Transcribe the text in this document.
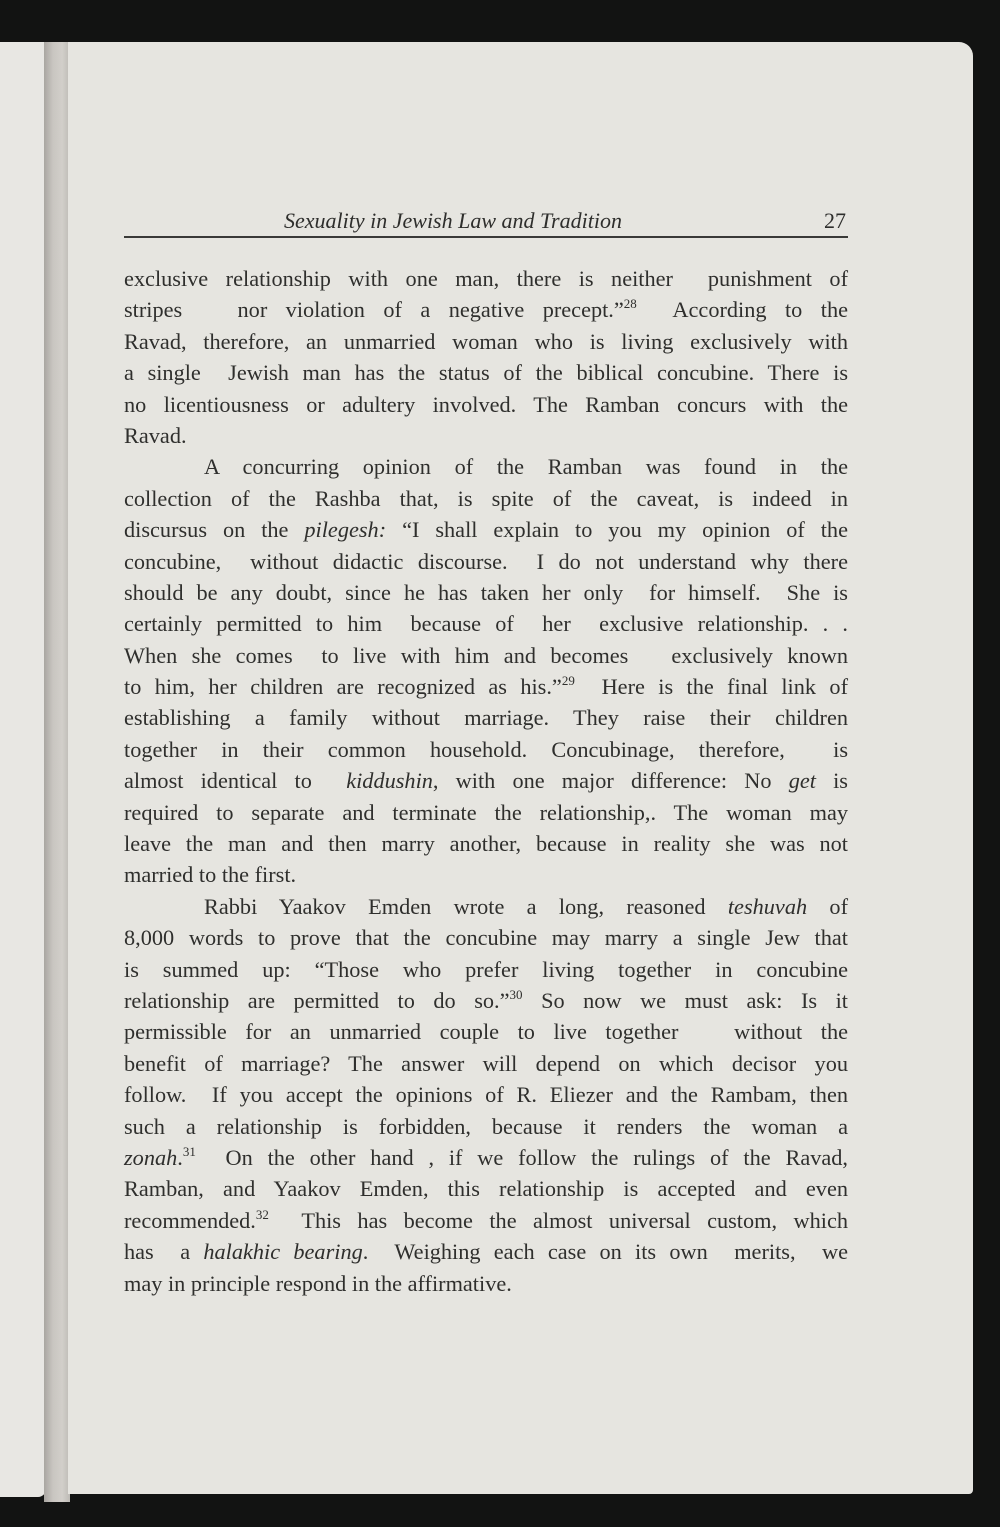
Sexuality in Jewish Law and Tradition	27
exclusive relationship with one man, there is neither  punishment of
stripes   nor violation of a negative precept.”$^{28}$  According to the
Ravad, therefore, an unmarried woman who is living exclusively with
a single  Jewish man has the status of the biblical concubine. There is
no licentiousness or adultery involved. The Ramban concurs with the
Ravad.
A concurring opinion of the Ramban was found in the
collection of the Rashba that, is spite of the caveat, is indeed in
discursus on the pilegesh: “I shall explain to you my opinion of the
concubine,  without didactic discourse.  I do not understand why there
should be any doubt, since he has taken her only  for himself.  She is
certainly permitted to him  because of  her  exclusive relationship. . .
When she comes  to live with him and becomes   exclusively known
to him, her children are recognized as his.”$^{29}$  Here is the final link of
establishing a family without marriage. They raise their children
together in their common household. Concubinage, therefore,  is
almost identical to  kiddushin, with one major difference: No get is
required to separate and terminate the relationship,. The woman may
leave the man and then marry another, because in reality she was not
married to the first.
Rabbi Yaakov Emden wrote a long, reasoned teshuvah of
8,000 words to prove that the concubine may marry a single Jew that
is summed up: “Those who prefer living together in concubine
relationship are permitted to do so.”$^{30}$ So now we must ask: Is it
permissible for an unmarried couple to live together   without the
benefit of marriage? The answer will depend on which decisor you
follow.  If you accept the opinions of R. Eliezer and the Rambam, then
such a relationship is forbidden, because it renders the woman a
zonah.$^{31}$  On the other hand , if we follow the rulings of the Ravad,
Ramban, and Yaakov Emden, this relationship is accepted and even
recommended.$^{32}$  This has become the almost universal custom, which
has  a halakhic bearing.  Weighing each case on its own  merits,  we
may in principle respond in the affirmative.
